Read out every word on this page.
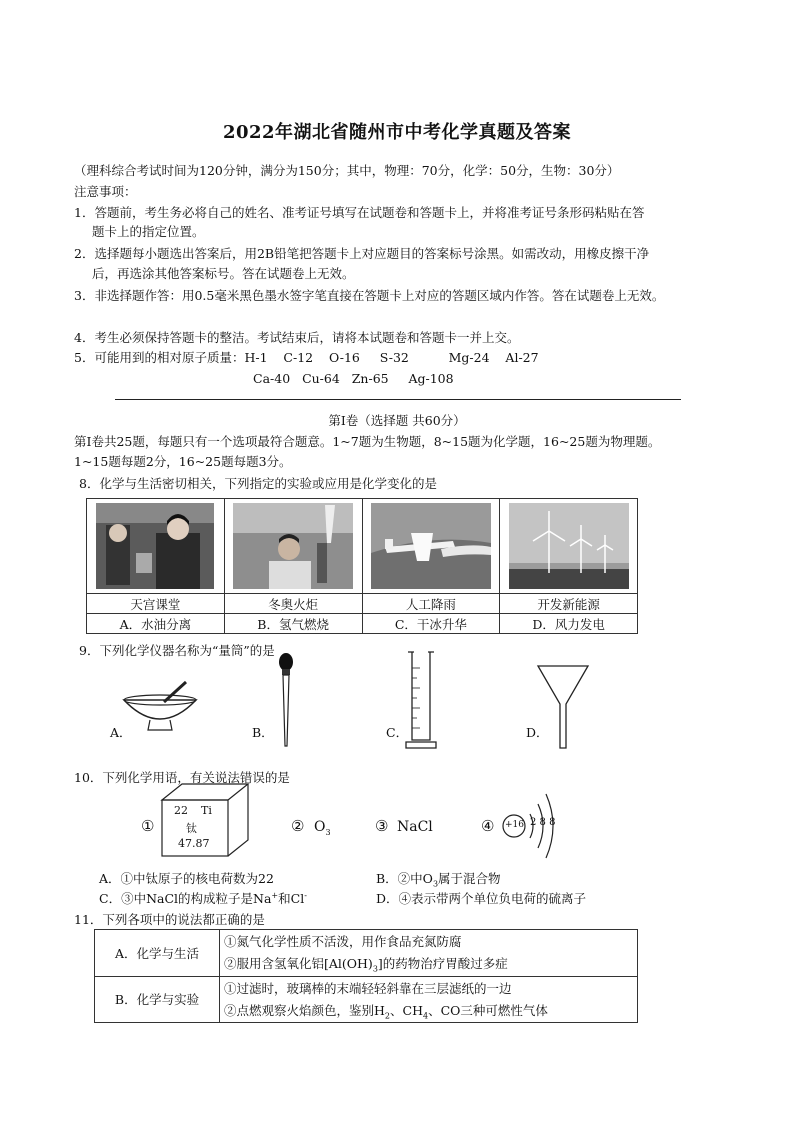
2022年湖北省随州市中考化学真题及答案
（理科综合考试时间为120分钟，满分为150分；其中，物理：70分，化学：50分，生物：30分）
注意事项：
1．答题前，考生务必将自己的姓名、准考证号填写在试题卷和答题卡上，并将准考证号条形码粘贴在答
题卡上的指定位置。
2．选择题每小题选出答案后，用2B铅笔把答题卡上对应题目的答案标号涂黑。如需改动，用橡皮擦干净
后，再选涂其他答案标号。答在试题卷上无效。
3．非选择题作答：用0.5毫米黑色墨水签字笔直接在答题卡上对应的答题区域内作答。答在试题卷上无效。
4．考生必须保持答题卡的整洁。考试结束后，请将本试题卷和答题卡一并上交。
5．可能用到的相对原子质量：H-1    C-12    O-16     S-32          Mg-24    Al-27
Ca-40   Cu-64   Zn-65     Ag-108
第Ⅰ卷（选择题 共60分）
第Ⅰ卷共25题，每题只有一个选项最符合题意。1~7题为生物题，8~15题为化学题，16~25题为物理题。
1~15题每题2分，16~25题每题3分。
8．化学与生活密切相关，下列指定的实验或应用是化学变化的是

天宫课堂	冬奥火炬	人工降雨	开发新能源
A．水油分离	B．氢气燃烧	C．干冰升华	D．风力发电
9．下列化学仪器名称为“量筒”的是
A．	B．	C．	D．
10．下列化学用语，有关说法错误的是
①
22 Ti
钛
47.87
② $O_3$	③ NaCl	④ +16 2 8 8
A．①中钛原子的核电荷数为22	B．②中$O_3$属于混合物
C．③中NaCl的构成粒子是Na+和Cl-	D．④表示带两个单位负电荷的硫离子
11．下列各项中的说法都正确的是
A．化学与生活	①氮气化学性质不活泼，用作食品充氮防腐
	②服用含氢氧化铝$[Al(OH)_3]$的药物治疗胃酸过多症
B．化学与实验	①过滤时，玻璃棒的末端轻轻斜靠在三层滤纸的一边
	②点燃观察火焰颜色，鉴别$H_2$、$CH_4$、CO三种可燃性气体
